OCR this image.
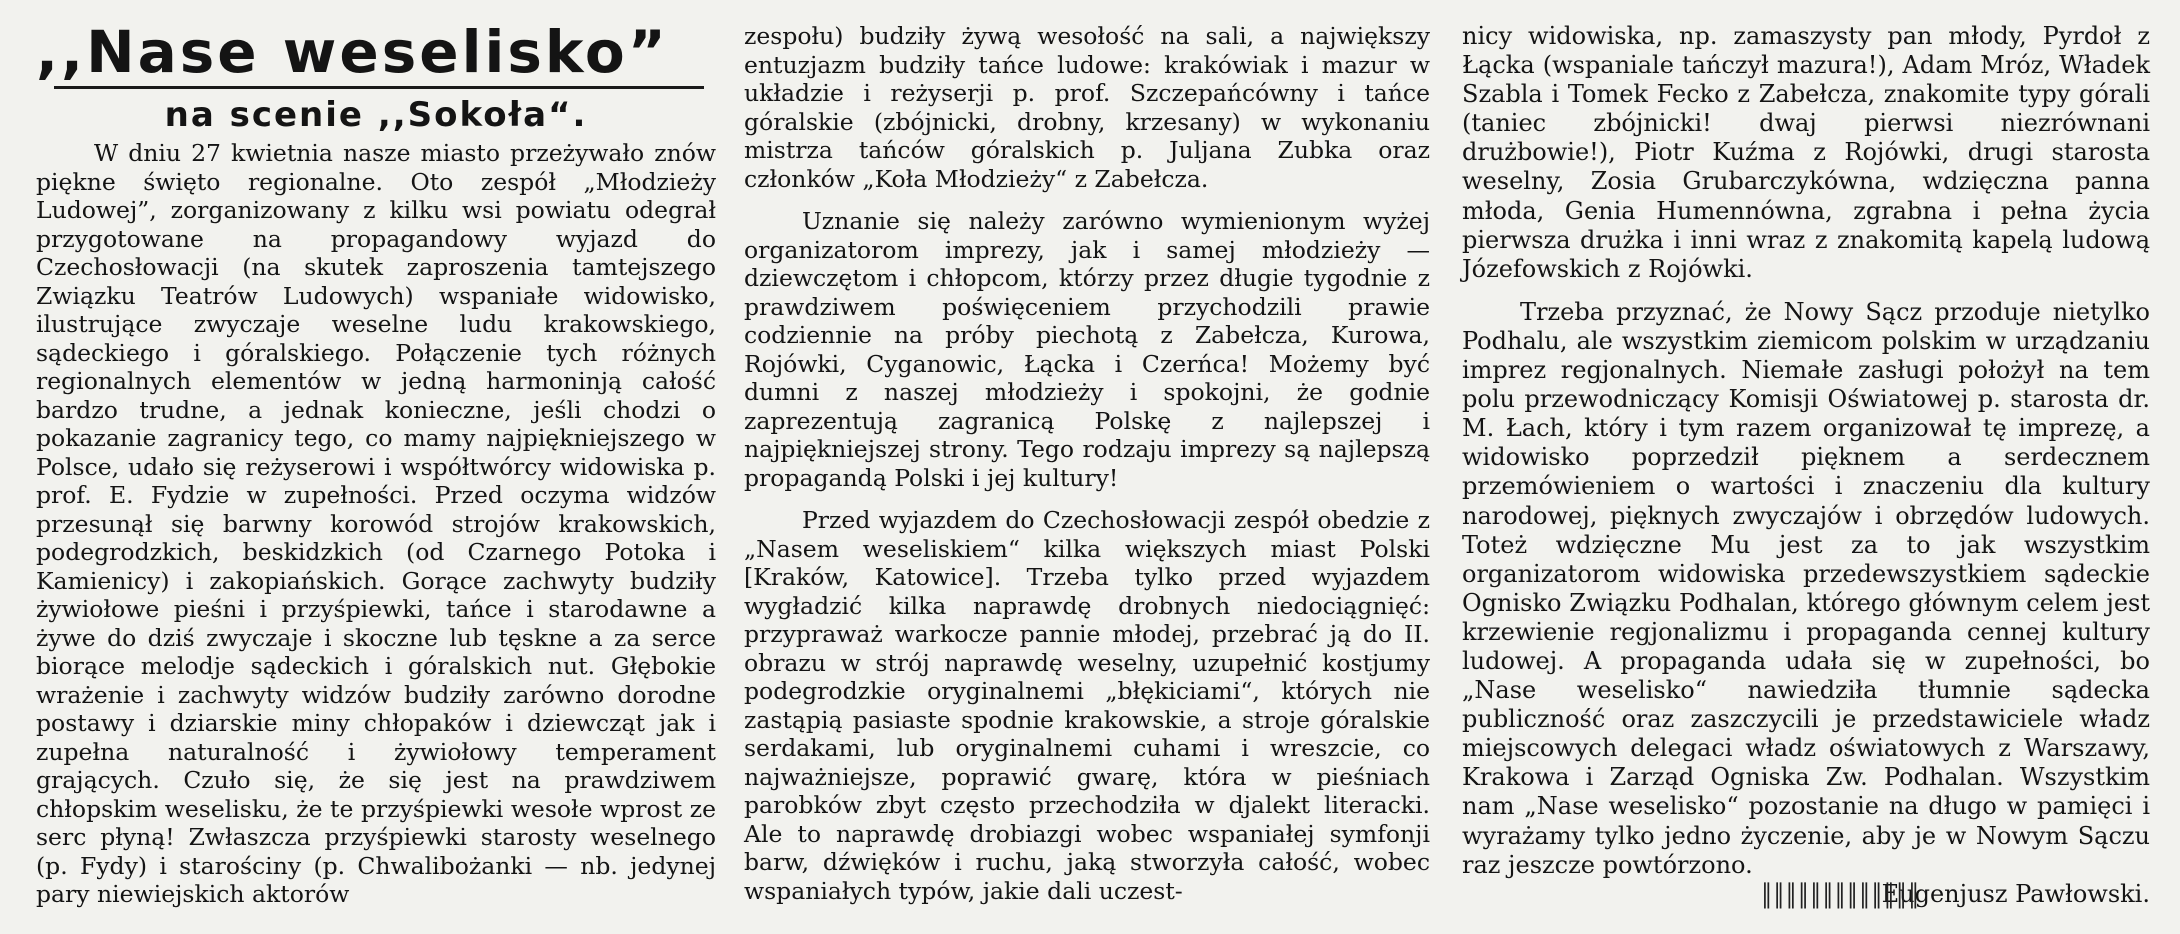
,,Nase weselisko”
na scenie ,,Sokoła“.

W dniu 27 kwietnia nasze miasto przeżywało znów piękne święto regionalne. Oto zespół „Młodzieży Ludowej”, zorganizowany z kilku wsi powiatu odegrał przygotowane na propagandowy wyjazd do Czechosłowacji (na skutek zaproszenia tamtejszego Związku Teatrów Ludowych) wspaniałe widowisko, ilustrujące zwyczaje weselne ludu krakowskiego, sądeckiego i góralskiego. Połączenie tych różnych regionalnych elementów w jedną harmoninją całość bardzo trudne, a jednak konieczne, jeśli chodzi o pokazanie zagranicy tego, co mamy najpiękniejszego w Polsce, udało się reżyserowi i współtwórcy widowiska p. prof. E. Fydzie w zupełności. Przed oczyma widzów przesunął się barwny korowód strojów krakowskich, podegrodzkich, beskidzkich (od Czarnego Potoka i Kamienicy) i zakopiańskich. Gorące zachwyty budziły żywiołowe pieśni i przyśpiewki, tańce i starodawne a żywe do dziś zwyczaje i skoczne lub tęskne a za serce biorące melodje sądeckich i góralskich nut. Głębokie wrażenie i zachwyty widzów budziły zarówno dorodne postawy i dziarskie miny chłopaków i dziewcząt jak i zupełna naturalność i żywiołowy temperament grających. Czuło się, że się jest na prawdziwem chłopskim weselisku, że te przyśpiewki wesołe wprost ze serc płyną! Zwłaszcza przyśpiewki starosty weselnego (p. Fydy) i starościny (p. Chwalibożanki — nb. jedynej pary niewiejskich aktorów

zespołu) budziły żywą wesołość na sali, a największy entuzjazm budziły tańce ludowe: krakówiak i mazur w układzie i reżyserji p. prof. Szczepańcówny i tańce góralskie (zbójnicki, drobny, krzesany) w wykonaniu mistrza tańców góralskich p. Juljana Zubka oraz członków „Koła Młodzieży“ z Zabełcza.

Uznanie się należy zarówno wymienionym wyżej organizatorom imprezy, jak i samej młodzieży — dziewczętom i chłopcom, którzy przez długie tygodnie z prawdziwem poświęceniem przychodzili prawie codziennie na próby piechotą z Zabełcza, Kurowa, Rojówki, Cyganowic, Łącka i Czerńca! Możemy być dumni z naszej młodzieży i spokojni, że godnie zaprezentują zagranicą Polskę z najlepszej i najpiękniejszej strony. Tego rodzaju imprezy są najlepszą propagandą Polski i jej kultury!

Przed wyjazdem do Czechosłowacji zespół obedzie z „Nasem weseliskiem“ kilka większych miast Polski [Kraków, Katowice]. Trzeba tylko przed wyjazdem wygładzić kilka naprawdę drobnych niedociągnięć: przypraważ warkocze pannie młodej, przebrać ją do II. obrazu w strój naprawdę weselny, uzupełnić kostjumy podegrodzkie oryginalnemi „błękiciami“, których nie zastąpią pasiaste spodnie krakowskie, a stroje góralskie serdakami, lub oryginalnemi cuhami i wreszcie, co najważniejsze, poprawić gwarę, która w pieśniach parobków zbyt często przechodziła w djalekt literacki. Ale to naprawdę drobiazgi wobec wspaniałej symfonji barw, dźwięków i ruchu, jaką stworzyła całość, wobec wspaniałych typów, jakie dali uczest-

nicy widowiska, np. zamaszysty pan młody, Pyrdoł z Łącka (wspaniale tańczył mazura!), Adam Mróz, Władek Szabla i Tomek Fecko z Zabełcza, znakomite typy górali (taniec zbójnicki! dwaj pierwsi niezrównani drużbowie!), Piotr Kuźma z Rojówki, drugi starosta weselny, Zosia Grubarczykówna, wdzięczna panna młoda, Genia Humennówna, zgrabna i pełna życia pierwsza drużka i inni wraz z znakomitą kapelą ludową Józefowskich z Rojówki.

Trzeba przyznać, że Nowy Sącz przoduje nietylko Podhalu, ale wszystkim ziemicom polskim w urządzaniu imprez regjonalnych. Niemałe zasługi położył na tem polu przewodniczący Komisji Oświatowej p. starosta dr. M. Łach, który i tym razem organizował tę imprezę, a widowisko poprzedził pięknem a serdecznem przemówieniem o wartości i znaczeniu dla kultury narodowej, pięknych zwyczajów i obrzędów ludowych. Toteż wdzięczne Mu jest za to jak wszystkim organizatorom widowiska przedewszystkiem sądeckie Ognisko Związku Podhalan, którego głównym celem jest krzewienie regjonalizmu i propaganda cennej kultury ludowej. A propaganda udała się w zupełności, bo „Nase weselisko“ nawiedziła tłumnie sądecka publiczność oraz zaszczycili je przedstawiciele władz miejscowych delegaci władz oświatowych z Warszawy, Krakowa i Zarząd Ogniska Zw. Podhalan. Wszystkim nam „Nase weselisko“ pozostanie na długo w pamięci i wyrażamy tylko jedno życzenie, aby je w Nowym Sączu raz jeszcze powtórzono.

Eugenjusz Pawłowski.
║║║║║║║║║║║║║
